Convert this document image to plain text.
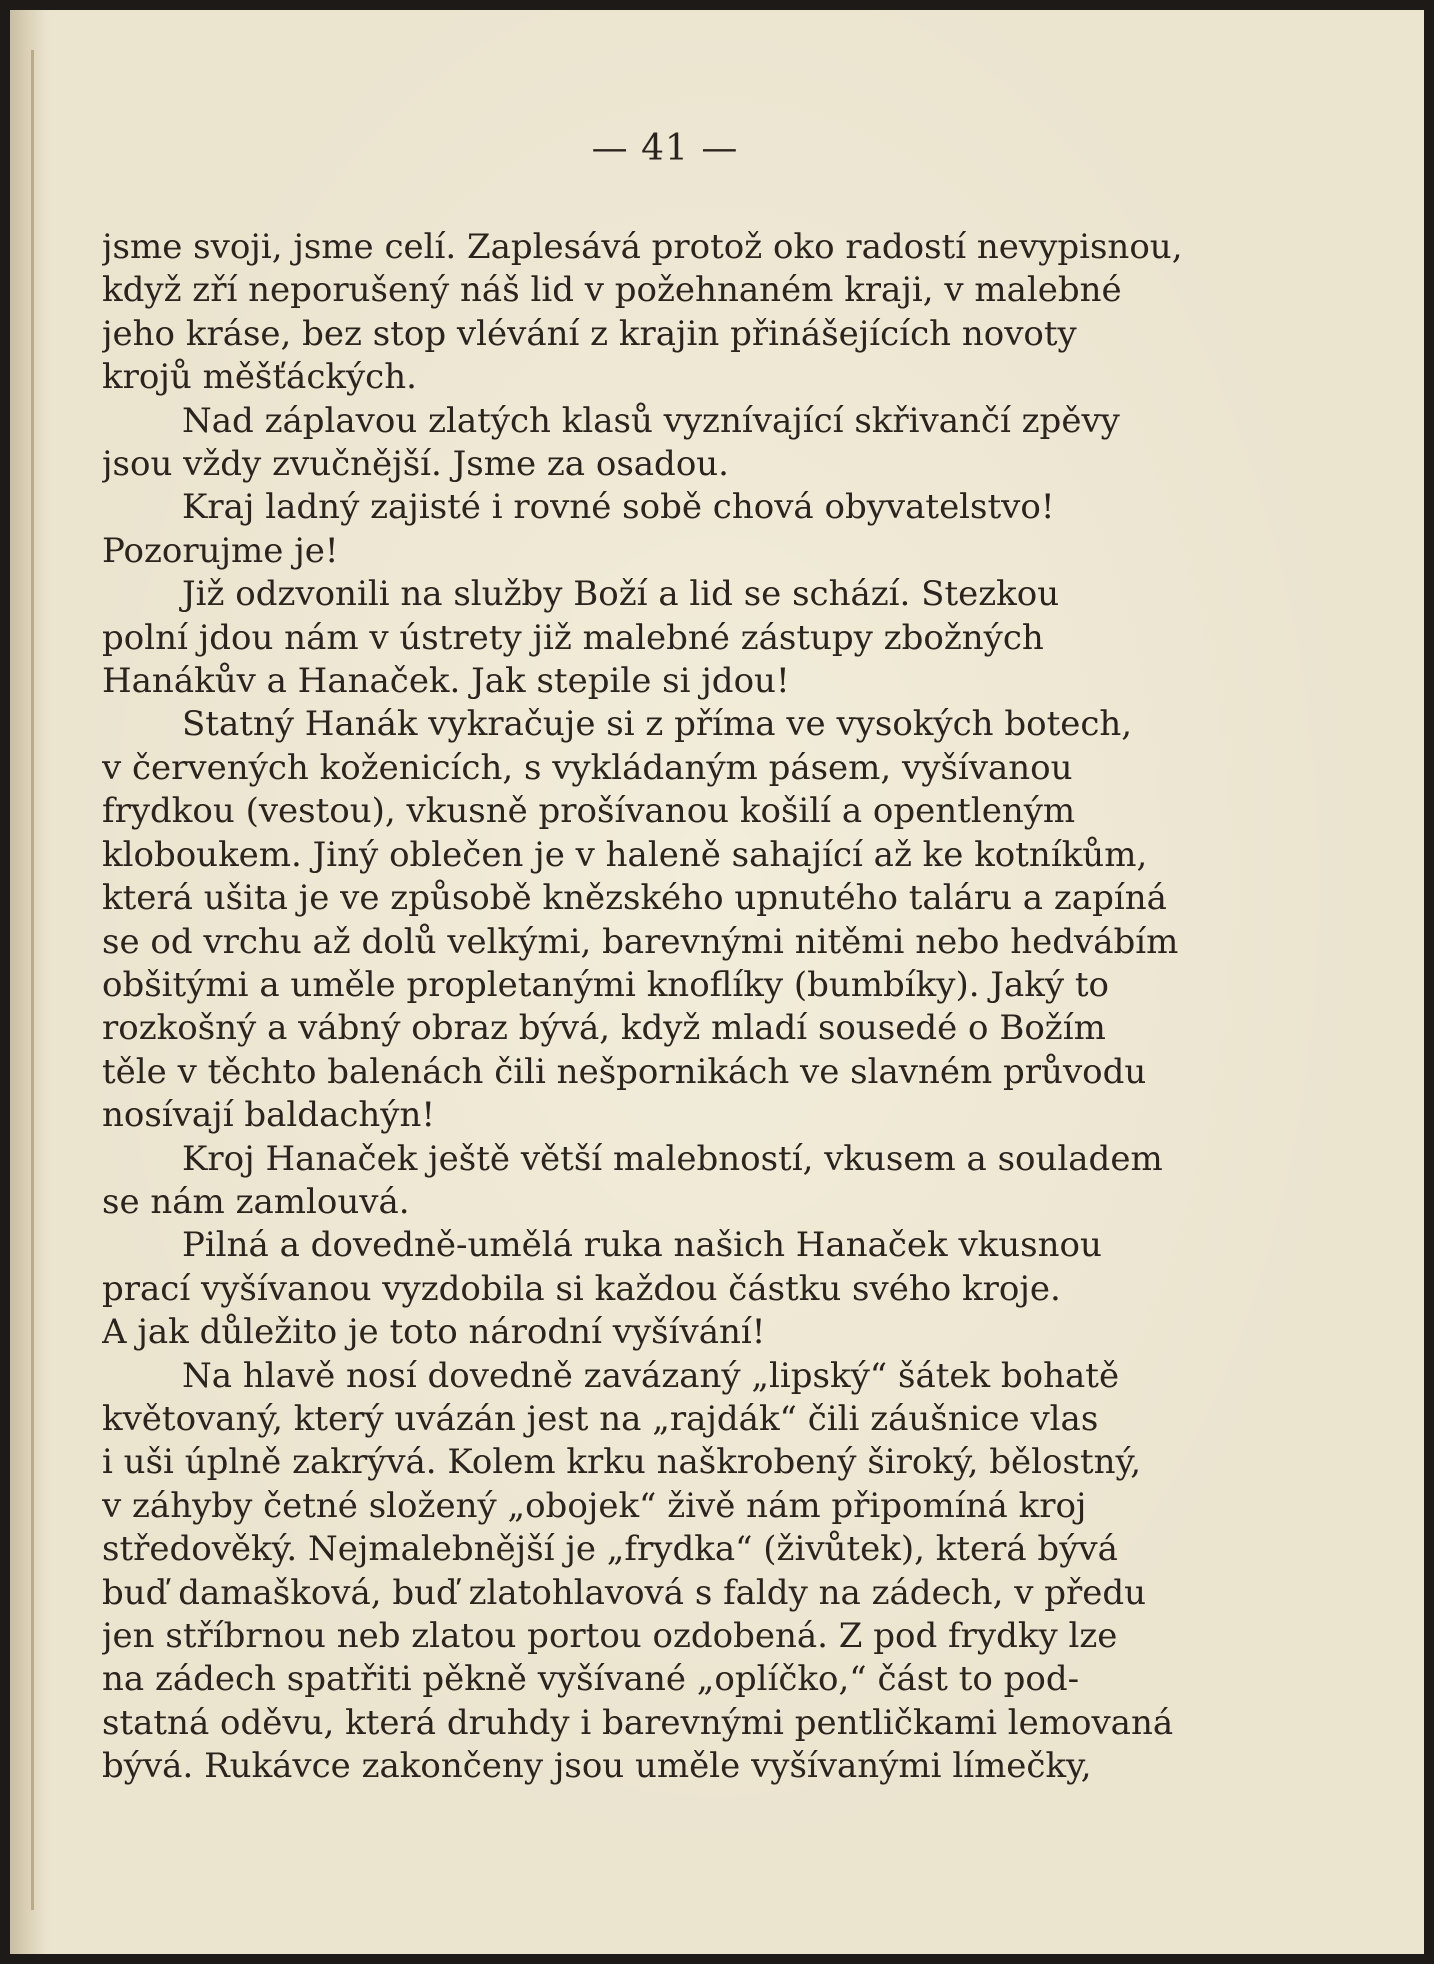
— 41 —

jsme svoji, jsme celí. Zaplesává protož oko radostí nevypisnou,

když zří neporušený náš lid v požehnaném kraji, v malebné

jeho kráse, bez stop vlévání z krajin přinášejících novoty

krojů měšťáckých.

Nad záplavou zlatých klasů vyznívající skřivančí zpěvy

jsou vždy zvučnější. Jsme za osadou.

Kraj ladný zajisté i rovné sobě chová obyvatelstvo!

Pozorujme je!

Již odzvonili na služby Boží a lid se schází. Stezkou

polní jdou nám v ústrety již malebné zástupy zbožných

Hanákův a Hanaček. Jak stepile si jdou!

Statný Hanák vykračuje si z příma ve vysokých botech,

v červených koženicích, s vykládaným pásem, vyšívanou

frydkou (vestou), vkusně prošívanou košilí a opentleným

kloboukem. Jiný oblečen je v haleně sahající až ke kotníkům,

která ušita je ve způsobě knězského upnutého taláru a zapíná

se od vrchu až dolů velkými, barevnými nitěmi nebo hedvábím

obšitými a uměle propletanými knoflíky (bumbíky). Jaký to

rozkošný a vábný obraz bývá, když mladí sousedé o Božím

těle v těchto balenách čili nešpornikách ve slavném průvodu

nosívají baldachýn!

Kroj Hanaček ještě větší malebností, vkusem a souladem

se nám zamlouvá.

Pilná a dovedně-umělá ruka našich Hanaček vkusnou

prací vyšívanou vyzdobila si každou částku svého kroje.

A jak důležito je toto národní vyšívání!

Na hlavě nosí dovedně zavázaný „lipský“ šátek bohatě

květovaný, který uvázán jest na „rajdák“ čili záušnice vlas

i uši úplně zakrývá. Kolem krku naškrobený široký, bělostný,

v záhyby četné složený „obojek“ živě nám připomíná kroj

středověký. Nejmalebnější je „frydka“ (živůtek), která bývá

buď damašková, buď zlatohlavová s faldy na zádech, v předu

jen stříbrnou neb zlatou portou ozdobená. Z pod frydky lze

na zádech spatřiti pěkně vyšívané „oplíčko,“ část to pod-

statná oděvu, která druhdy i barevnými pentličkami lemovaná

bývá. Rukávce zakončeny jsou uměle vyšívanými límečky,
